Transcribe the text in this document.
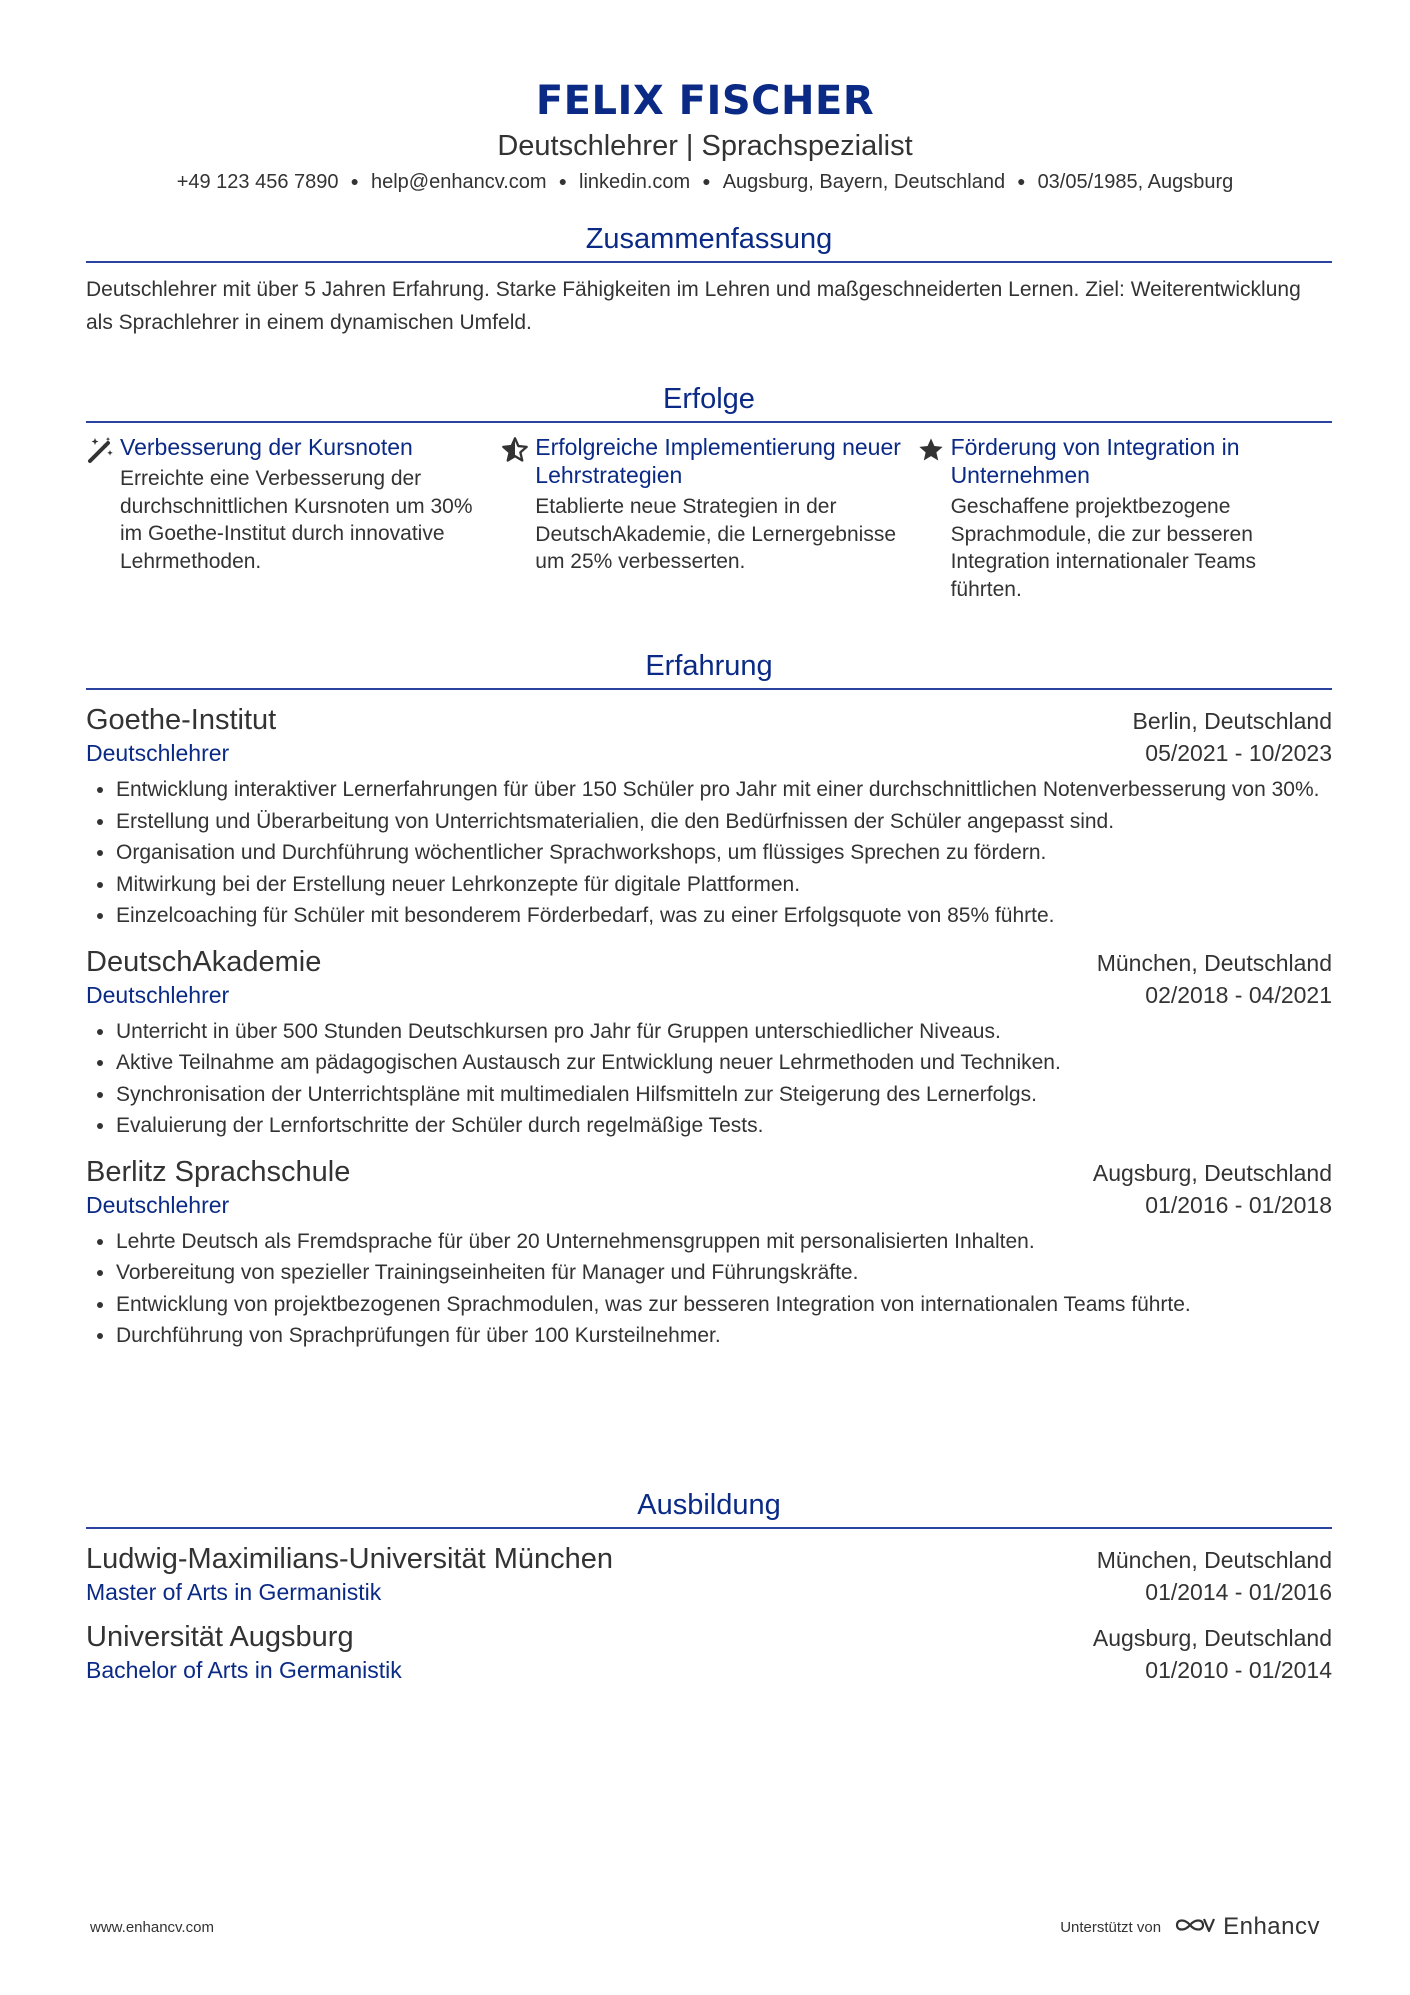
FELIX FISCHER
Deutschlehrer | Sprachspezialist
+49 123 456 7890 ● help@enhancv.com ● linkedin.com ● Augsburg, Bayern, Deutschland ● 03/05/1985, Augsburg
Zusammenfassung
Deutschlehrer mit über 5 Jahren Erfahrung. Starke Fähigkeiten im Lehren und maßgeschneiderten Lernen. Ziel: Weiterentwicklung als Sprachlehrer in einem dynamischen Umfeld.
Erfolge
Verbesserung der Kursnoten
Erreichte eine Verbesserung der durchschnittlichen Kursnoten um 30% im Goethe-Institut durch innovative Lehrmethoden.
Erfolgreiche Implementierung neuer Lehrstrategien
Etablierte neue Strategien in der DeutschAkademie, die Lernergebnisse um 25% verbesserten.
Förderung von Integration in Unternehmen
Geschaffene projektbezogene Sprachmodule, die zur besseren Integration internationaler Teams führten.
Erfahrung
Goethe-Institut	Berlin, Deutschland
Deutschlehrer	05/2021 - 10/2023
• Entwicklung interaktiver Lernerfahrungen für über 150 Schüler pro Jahr mit einer durchschnittlichen Notenverbesserung von 30%.
• Erstellung und Überarbeitung von Unterrichtsmaterialien, die den Bedürfnissen der Schüler angepasst sind.
• Organisation und Durchführung wöchentlicher Sprachworkshops, um flüssiges Sprechen zu fördern.
• Mitwirkung bei der Erstellung neuer Lehrkonzepte für digitale Plattformen.
• Einzelcoaching für Schüler mit besonderem Förderbedarf, was zu einer Erfolgsquote von 85% führte.
DeutschAkademie	München, Deutschland
Deutschlehrer	02/2018 - 04/2021
• Unterricht in über 500 Stunden Deutschkursen pro Jahr für Gruppen unterschiedlicher Niveaus.
• Aktive Teilnahme am pädagogischen Austausch zur Entwicklung neuer Lehrmethoden und Techniken.
• Synchronisation der Unterrichtspläne mit multimedialen Hilfsmitteln zur Steigerung des Lernerfolgs.
• Evaluierung der Lernfortschritte der Schüler durch regelmäßige Tests.
Berlitz Sprachschule	Augsburg, Deutschland
Deutschlehrer	01/2016 - 01/2018
• Lehrte Deutsch als Fremdsprache für über 20 Unternehmensgruppen mit personalisierten Inhalten.
• Vorbereitung von spezieller Trainingseinheiten für Manager und Führungskräfte.
• Entwicklung von projektbezogenen Sprachmodulen, was zur besseren Integration von internationalen Teams führte.
• Durchführung von Sprachprüfungen für über 100 Kursteilnehmer.
Ausbildung
Ludwig-Maximilians-Universität München	München, Deutschland
Master of Arts in Germanistik	01/2014 - 01/2016
Universität Augsburg	Augsburg, Deutschland
Bachelor of Arts in Germanistik	01/2010 - 01/2014
www.enhancv.com	Unterstützt von	Enhancv
